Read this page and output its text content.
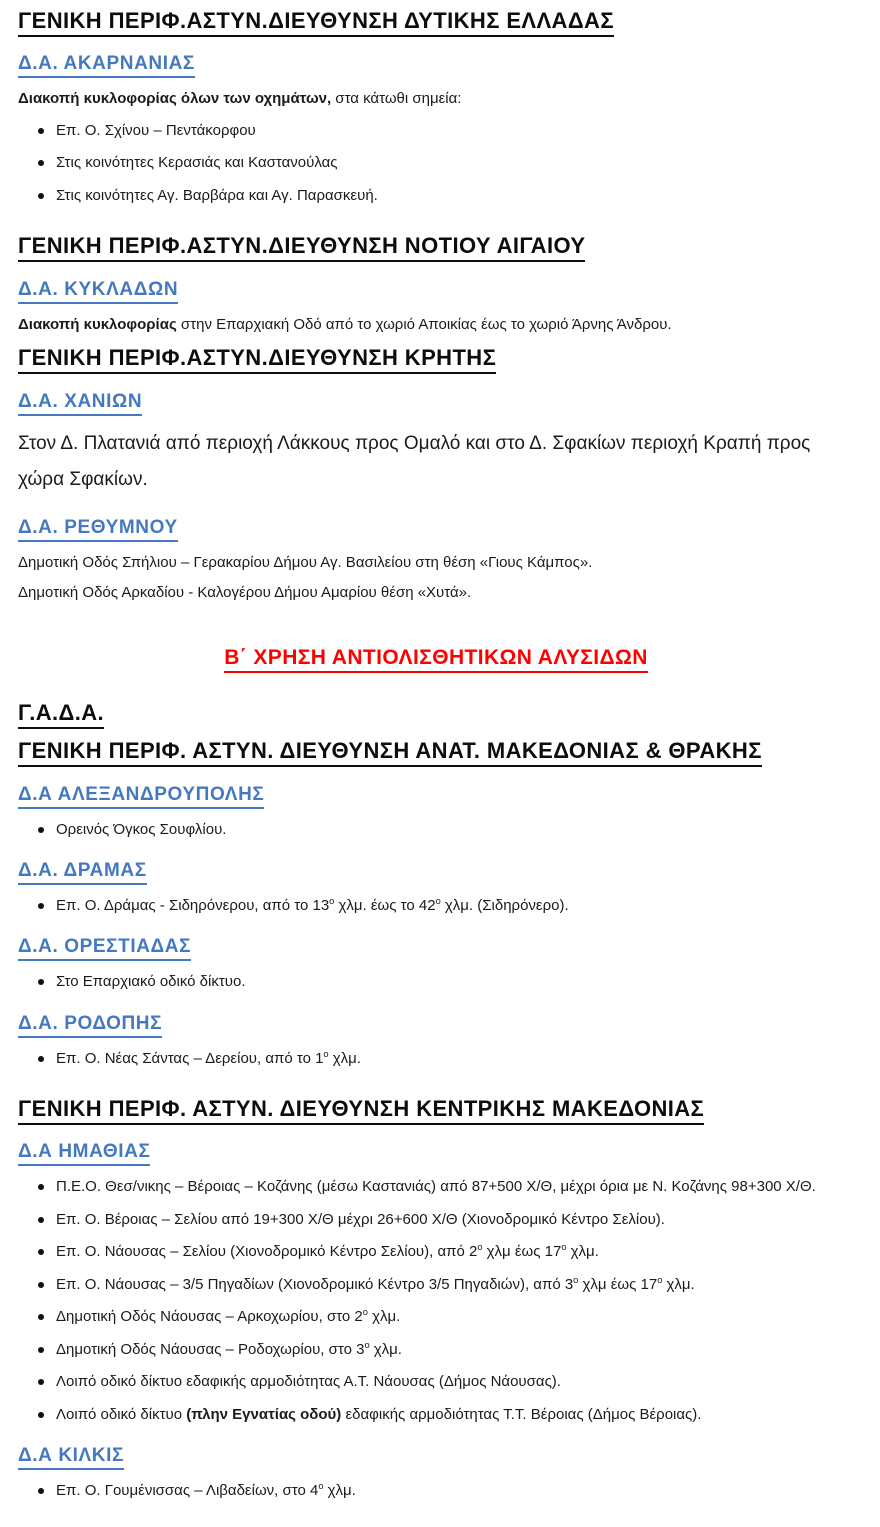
ΓΕΝΙΚΗ ΠΕΡΙΦ.ΑΣΤΥΝ.ΔΙΕΥΘΥΝΣΗ ΔΥΤΙΚΗΣ ΕΛΛΑΔΑΣ
Δ.Α. ΑΚΑΡΝΑΝΙΑΣ
Διακοπή κυκλοφορίας όλων των οχημάτων, στα κάτωθι σημεία:
Επ. Ο. Σχίνου – Πεντάκορφου
Στις κοινότητες Κερασιάς και Καστανούλας
Στις κοινότητες Αγ. Βαρβάρα και Αγ. Παρασκευή.
ΓΕΝΙΚΗ ΠΕΡΙΦ.ΑΣΤΥΝ.ΔΙΕΥΘΥΝΣΗ ΝΟΤΙΟΥ ΑΙΓΑΙΟΥ
Δ.Α. ΚΥΚΛΑΔΩΝ
Διακοπή κυκλοφορίας στην Επαρχιακή Οδό από το χωριό Αποικίας έως το χωριό Άρνης Άνδρου.
ΓΕΝΙΚΗ ΠΕΡΙΦ.ΑΣΤΥΝ.ΔΙΕΥΘΥΝΣΗ ΚΡΗΤΗΣ
Δ.Α. ΧΑΝΙΩΝ
Στον Δ. Πλατανιά από περιοχή Λάκκους προς Ομαλό και στο Δ. Σφακίων περιοχή Κραπή προς χώρα Σφακίων.
Δ.Α. ΡΕΘΥΜΝΟΥ
Δημοτική Οδός Σπήλιου – Γερακαρίου Δήμου Αγ. Βασιλείου στη θέση «Γιους Κάμπος».
Δημοτική Οδός Αρκαδίου - Καλογέρου Δήμου Αμαρίου θέση «Χυτά».
Β΄ ΧΡΗΣΗ ΑΝΤΙΟΛΙΣΘΗΤΙΚΩΝ ΑΛΥΣΙΔΩΝ
Γ.Α.Δ.Α.
ΓΕΝΙΚΗ ΠΕΡΙΦ. ΑΣΤΥΝ. ΔΙΕΥΘΥΝΣΗ ΑΝΑΤ. ΜΑΚΕΔΟΝΙΑΣ & ΘΡΑΚΗΣ
Δ.Α ΑΛΕΞΑΝΔΡΟΥΠΟΛΗΣ
Ορεινός Όγκος Σουφλίου.
Δ.Α. ΔΡΑΜΑΣ
Επ. Ο. Δράμας - Σιδηρόνερου, από το $13^o$ χλμ. έως το $42^o$ χλμ. (Σιδηρόνερο).
Δ.Α. ΟΡΕΣΤΙΑΔΑΣ
Στο Επαρχιακό οδικό δίκτυο.
Δ.Α. ΡΟΔΟΠΗΣ
Επ. Ο. Νέας Σάντας – Δερείου, από το $1^o$ χλμ.
ΓΕΝΙΚΗ ΠΕΡΙΦ. ΑΣΤΥΝ. ΔΙΕΥΘΥΝΣΗ ΚΕΝΤΡΙΚΗΣ ΜΑΚΕΔΟΝΙΑΣ
Δ.Α ΗΜΑΘΙΑΣ
Π.Ε.Ο. Θεσ/νικης – Βέροιας – Κοζάνης (μέσω Καστανιάς) από 87+500 Χ/Θ, μέχρι όρια με Ν. Κοζάνης 98+300 Χ/Θ.
Επ. Ο. Βέροιας – Σελίου από 19+300 Χ/Θ μέχρι 26+600 Χ/Θ (Χιονοδρομικό Κέντρο Σελίου).
Επ. Ο. Νάουσας – Σελίου (Χιονοδρομικό Κέντρο Σελίου), από $2^o$ χλμ έως $17^o$ χλμ.
Επ. Ο. Νάουσας – 3/5 Πηγαδίων (Χιονοδρομικό Κέντρο 3/5 Πηγαδιών), από $3^o$ χλμ έως $17^o$ χλμ.
Δημοτική Οδός Νάουσας – Αρκοχωρίου, στο $2^o$ χλμ.
Δημοτική Οδός Νάουσας – Ροδοχωρίου, στο $3^o$ χλμ.
Λοιπό οδικό δίκτυο εδαφικής αρμοδιότητας Α.Τ. Νάουσας (Δήμος Νάουσας).
Λοιπό οδικό δίκτυο (πλην Εγνατίας οδού) εδαφικής αρμοδιότητας Τ.Τ. Βέροιας (Δήμος Βέροιας).
Δ.Α ΚΙΛΚΙΣ
Επ. Ο. Γουμένισσας – Λιβαδείων, στο $4^o$ χλμ.
